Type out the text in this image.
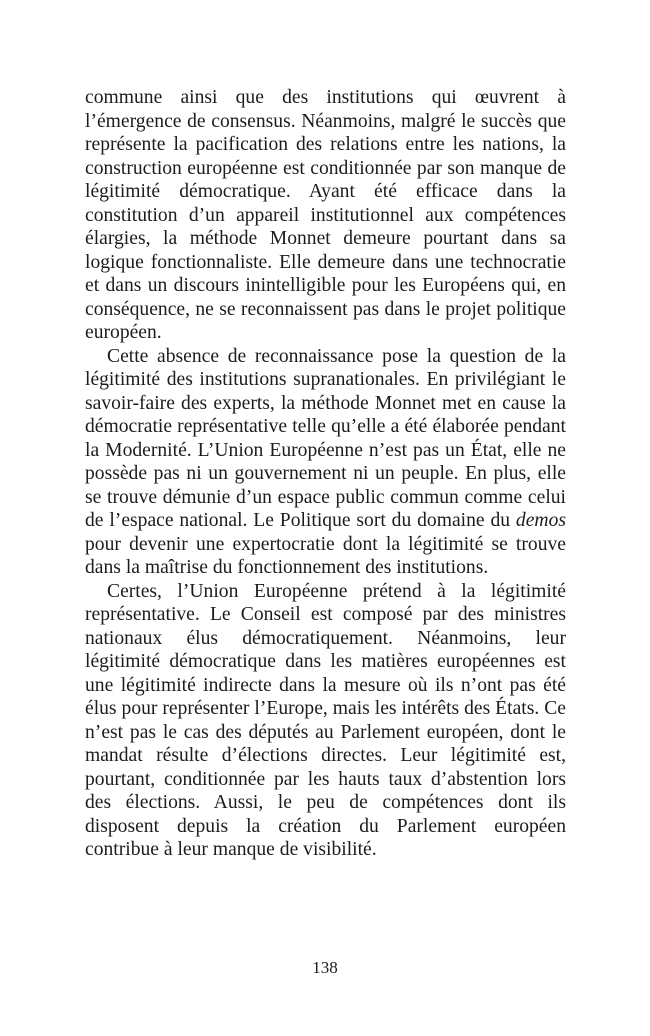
commune ainsi que des institutions qui œuvrent à l’émergence de consensus. Néanmoins, malgré le succès que représente la pacification des relations entre les nations, la construction européenne est conditionnée par son manque de légitimité démocratique. Ayant été efficace dans la constitution d’un appareil institutionnel aux compétences élargies, la méthode Monnet demeure pourtant dans sa logique fonctionnaliste. Elle demeure dans une technocratie et dans un discours inintelligible pour les Européens qui, en conséquence, ne se reconnaissent pas dans le projet politique européen.

Cette absence de reconnaissance pose la question de la légitimité des institutions supranationales. En privilégiant le savoir-faire des experts, la méthode Monnet met en cause la démocratie représentative telle qu’elle a été élaborée pendant la Modernité. L’Union Européenne n’est pas un État, elle ne possède pas ni un gouvernement ni un peuple. En plus, elle se trouve démunie d’un espace public commun comme celui de l’espace national. Le Politique sort du domaine du demos pour devenir une expertocratie dont la légitimité se trouve dans la maîtrise du fonctionnement des institutions.

Certes, l’Union Européenne prétend à la légitimité représentative. Le Conseil est composé par des ministres nationaux élus démocratiquement. Néanmoins, leur légitimité démocratique dans les matières européennes est une légitimité indirecte dans la mesure où ils n’ont pas été élus pour représenter l’Europe, mais les intérêts des États. Ce n’est pas le cas des députés au Parlement européen, dont le mandat résulte d’élections directes. Leur légitimité est, pourtant, conditionnée par les hauts taux d’abstention lors des élections. Aussi, le peu de compétences dont ils disposent depuis la création du Parlement européen contribue à leur manque de visibilité.

138
